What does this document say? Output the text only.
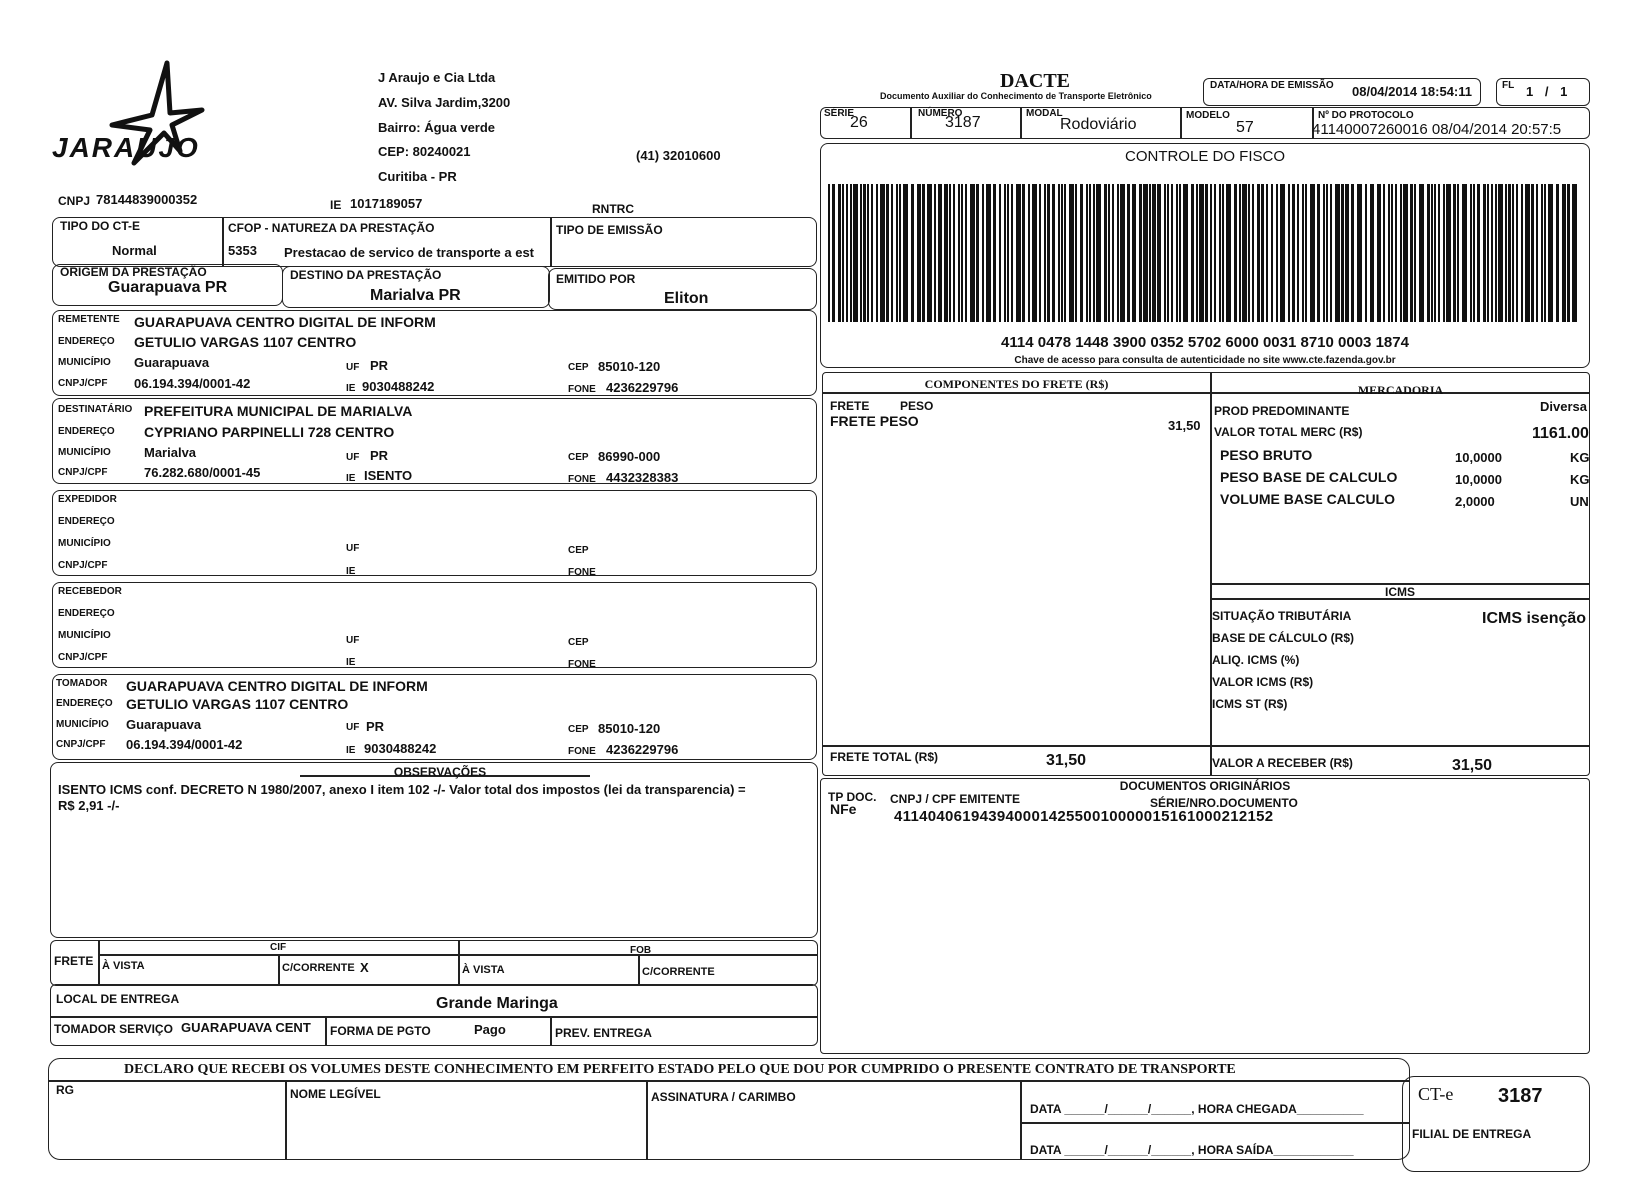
JARAUJO
J Araujo e Cia Ltda
AV. Silva Jardim,3200
Bairro: Água verde
CEP: 80240021	(41) 32010600
Curitiba - PR
CNPJ 78144839000352	IE 1017189057	RNTRC
DACTE
Documento Auxiliar do Conhecimento de Transporte Eletrônico
DATA/HORA DE EMISSÃO 08/04/2014 18:54:11	FL 1 / 1
SÉRIE
26
NÚMERO
3187
MODAL
Rodoviário
MODELO
57
Nº DO PROTOCOLO
41140007260016 08/04/2014 20:57:5
CONTROLE DO FISCO
4114 0478 1448 3900 0352 5702 6000 0031 8710 0003 1874
Chave de acesso para consulta de autenticidade no site www.cte.fazenda.gov.br
TIPO DO CT-E
Normal
CFOP - NATUREZA DA PRESTAÇÃO
5353 Prestacao de servico de transporte a est
TIPO DE EMISSÃO
ORIGEM DA PRESTAÇÃO
Guarapuava PR
DESTINO DA PRESTAÇÃO
Marialva PR
EMITIDO POR
Eliton
REMETENTE GUARAPUAVA CENTRO DIGITAL DE INFORM
ENDEREÇO GETULIO VARGAS 1107 CENTRO
MUNICÍPIO Guarapuava	UF PR	CEP 85010-120
CNPJ/CPF 06.194.394/0001-42	IE 9030488242	FONE 4236229796
DESTINATÁRIO PREFEITURA MUNICIPAL DE MARIALVA
ENDEREÇO CYPRIANO PARPINELLI 728 CENTRO
MUNICÍPIO	Marialva	UF PR	CEP 86990-000
CNPJ/CPF	76.282.680/0001-45	IE ISENTO	FONE 4432328383
EXPEDIDOR
ENDEREÇO
MUNICÍPIO	UF	CEP
CNPJ/CPF
IE	FONE
RECEBEDOR
ENDEREÇO
MUNICÍPIO	UF	CEP
CNPJ/CPF	IE	FONE
TOMADOR GUARAPUAVA CENTRO DIGITAL DE INFORM
ENDEREÇO GETULIO VARGAS 1107 CENTRO
MUNICÍPIO Guarapuava	UF PR	CEP 85010-120
CNPJ/CPF 06.194.394/0001-42	IE 9030488242	FONE 4236229796
OBSERVAÇÕES
ISENTO ICMS conf. DECRETO N 1980/2007, anexo I item 102 -/- Valor total dos impostos (lei da transparencia) =
R$ 2,91 -/-
FRETE
CIF	FOB
À VISTA	C/CORRENTE X	À VISTA	C/CORRENTE
LOCAL DE ENTREGA	Grande Maringa
TOMADOR SERVIÇO GUARAPUAVA CENT	FORMA DE PGTO	Pago	PREV. ENTREGA
COMPONENTES DO FRETE (R$)	MERCADORIA
FRETE	PESO
FRETE PESO	31,50
PROD PREDOMINANTE	Diversa
VALOR TOTAL MERC (R$)	1161.00
PESO BRUTO	10,0000	KG
PESO BASE DE CALCULO	10,0000	KG
VOLUME BASE CALCULO	2,0000	UN
ICMS
SITUAÇÃO TRIBUTÁRIA	ICMS isenção
BASE DE CÁLCULO (R$)
ALIQ. ICMS (%)
VALOR ICMS (R$)
ICMS ST (R$)
FRETE TOTAL (R$)	31,50	VALOR A RECEBER (R$)	31,50
DOCUMENTOS ORIGINÁRIOS
TP DOC. CNPJ / CPF EMITENTE	SÉRIE/NRO.DOCUMENTO
NFe	41140406194394000142550010000015161000212152
DECLARO QUE RECEBI OS VOLUMES DESTE CONHECIMENTO EM PERFEITO ESTADO PELO QUE DOU POR CUMPRIDO O PRESENTE CONTRATO DE TRANSPORTE
RG	NOME LEGÍVEL	ASSINATURA / CARIMBO
DATA ______/______/______, HORA CHEGADA__________
DATA ______/______/______, HORA SAÍDA____________
CT-e 3187
FILIAL DE ENTREGA
